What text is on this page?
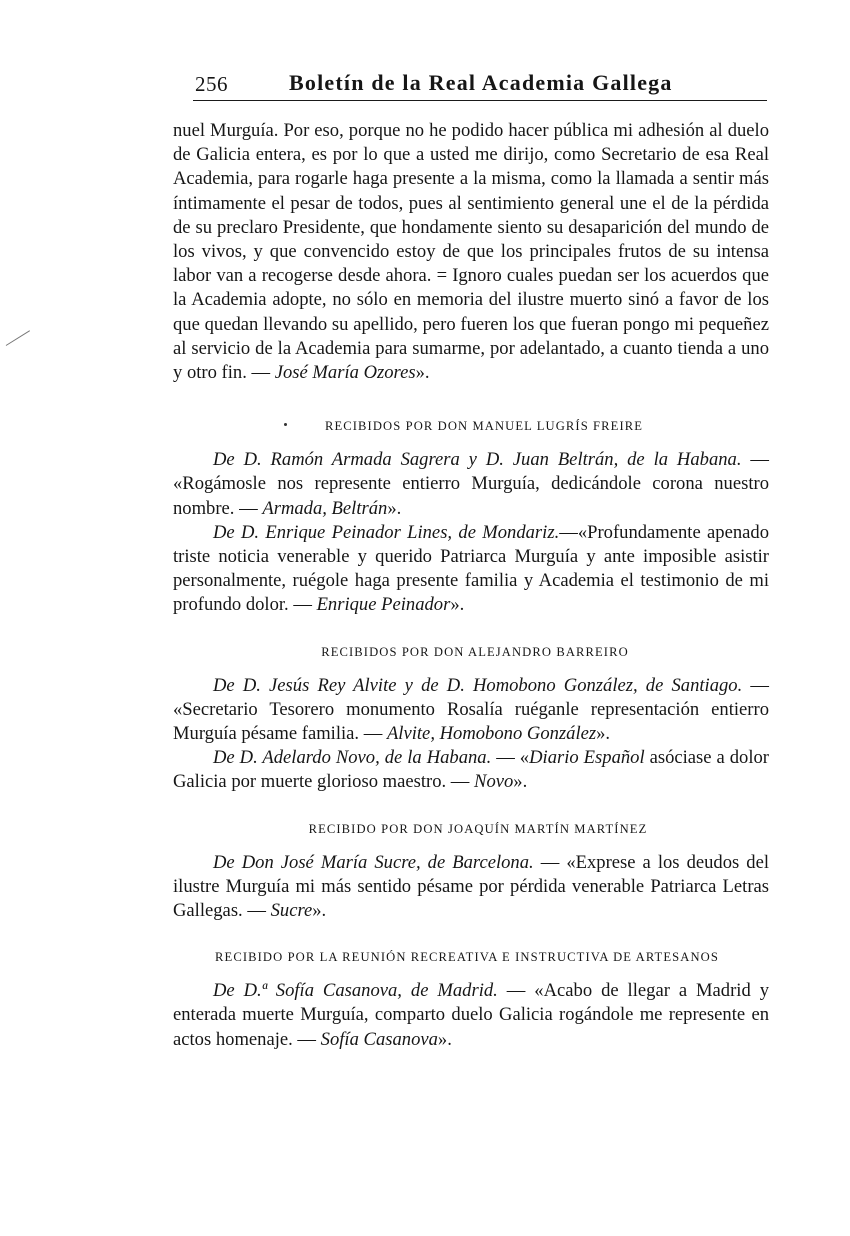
256	Boletín de la Real Academia Gallega

nuel Murguía. Por eso, porque no he podido hacer pública mi adhesión al duelo de Galicia entera, es por lo que a usted me dirijo, como Secretario de esa Real Academia, para rogarle haga presente a la misma, como la llamada a sentir más íntimamente el pesar de todos, pues al sentimiento general une el de la pérdida de su preclaro Presidente, que hondamente siento su desaparición del mundo de los vivos, y que convencido estoy de que los principales frutos de su intensa labor van a recogerse desde ahora. = Ignoro cuales puedan ser los acuerdos que la Academia adopte, no sólo en memoria del ilustre muerto sinó a favor de los que quedan llevando su apellido, pero fueren los que fueran pongo mi pequeñez al servicio de la Academia para sumarme, por adelantado, a cuanto tienda a uno y otro fin. — José María Ozores».

RECIBIDOS POR DON MANUEL LUGRÍS FREIRE

De D. Ramón Armada Sagrera y D. Juan Beltrán, de la Habana. — «Rogámosle nos represente entierro Murguía, dedicándole corona nuestro nombre. — Armada, Beltrán».

De D. Enrique Peinador Lines, de Mondariz.—«Profundamente apenado triste noticia venerable y querido Patriarca Murguía y ante imposible asistir personalmente, ruégole haga presente familia y Academia el testimonio de mi profundo dolor. — Enrique Peinador».

RECIBIDOS POR DON ALEJANDRO BARREIRO

De D. Jesús Rey Alvite y de D. Homobono González, de Santiago. — «Secretario Tesorero monumento Rosalía ruéganle representación entierro Murguía pésame familia. — Alvite, Homobono González».

De D. Adelardo Novo, de la Habana. — «Diario Español asóciase a dolor Galicia por muerte glorioso maestro. — Novo».

RECIBIDO POR DON JOAQUÍN MARTÍN MARTÍNEZ

De Don José María Sucre, de Barcelona. — «Exprese a los deudos del ilustre Murguía mi más sentido pésame por pérdida venerable Patriarca Letras Gallegas. — Sucre».

RECIBIDO POR LA REUNIÓN RECREATIVA E INSTRUCTIVA DE ARTESANOS

De D.ª Sofía Casanova, de Madrid. — «Acabo de llegar a Madrid y enterada muerte Murguía, comparto duelo Galicia rogándole me represente en actos homenaje. — Sofía Casanova».
